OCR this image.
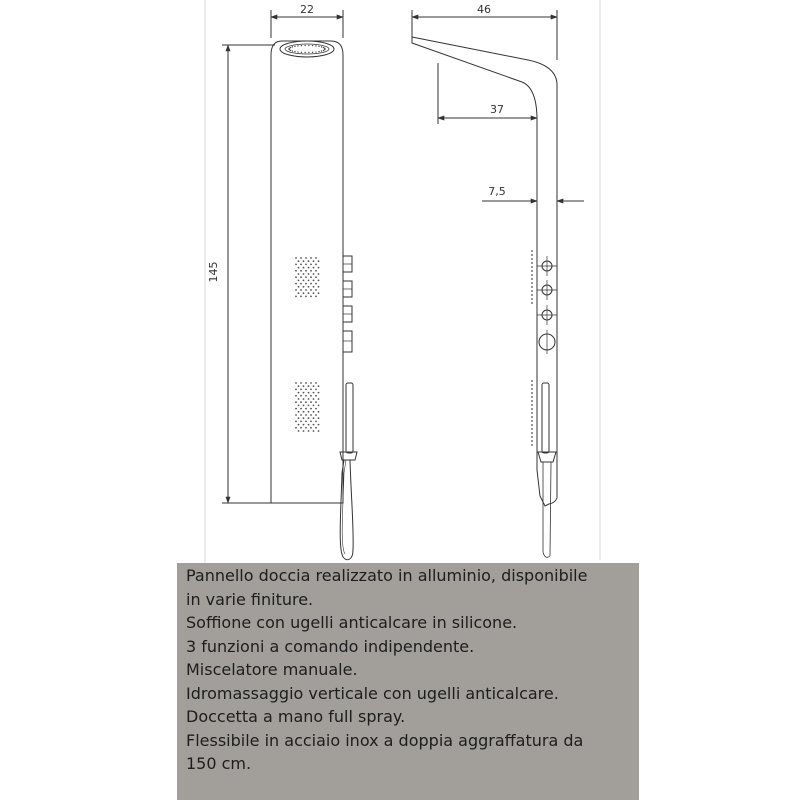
22	46
37
7,5
145
Pannello doccia realizzato in alluminio, disponibile
in varie finiture.
Soffione con ugelli anticalcare in silicone.
3 funzioni a comando indipendente.
Miscelatore manuale.
Idromassaggio verticale con ugelli anticalcare.
Doccetta a mano full spray.
Flessibile in acciaio inox a doppia aggraffatura da
150 cm.
